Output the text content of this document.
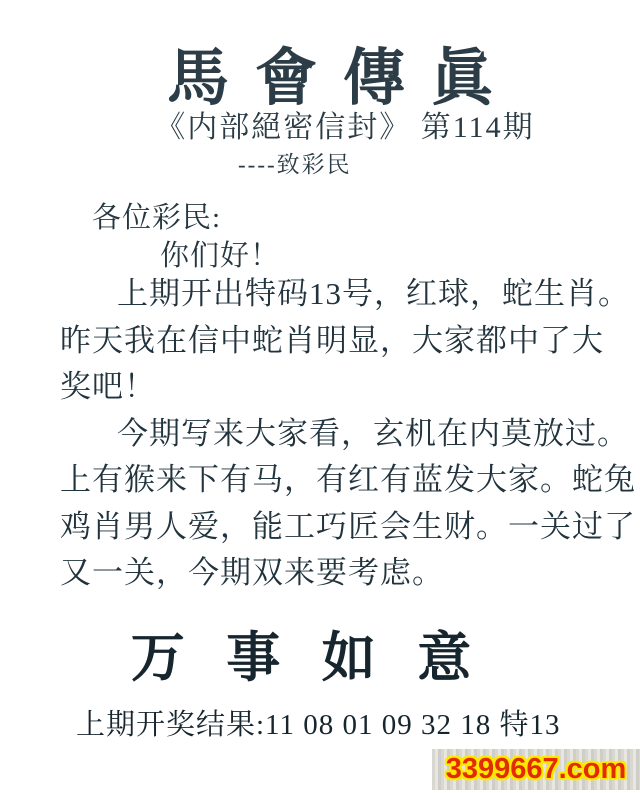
馬會傳眞
《内部絕密信封》 第114期
----致彩民
各位彩民:
你们好！
上期开出特码13号，红球，蛇生肖。
昨天我在信中蛇肖明显，大家都中了大
奖吧！
今期写来大家看，玄机在内莫放过。
上有猴来下有马，有红有蓝发大家。蛇兔
鸡肖男人爱，能工巧匠会生财。一关过了
又一关，今期双来要考虑。
万 事 如 意
上期开奖结果:11 08 01 09 32 18 特13
3399667.com
